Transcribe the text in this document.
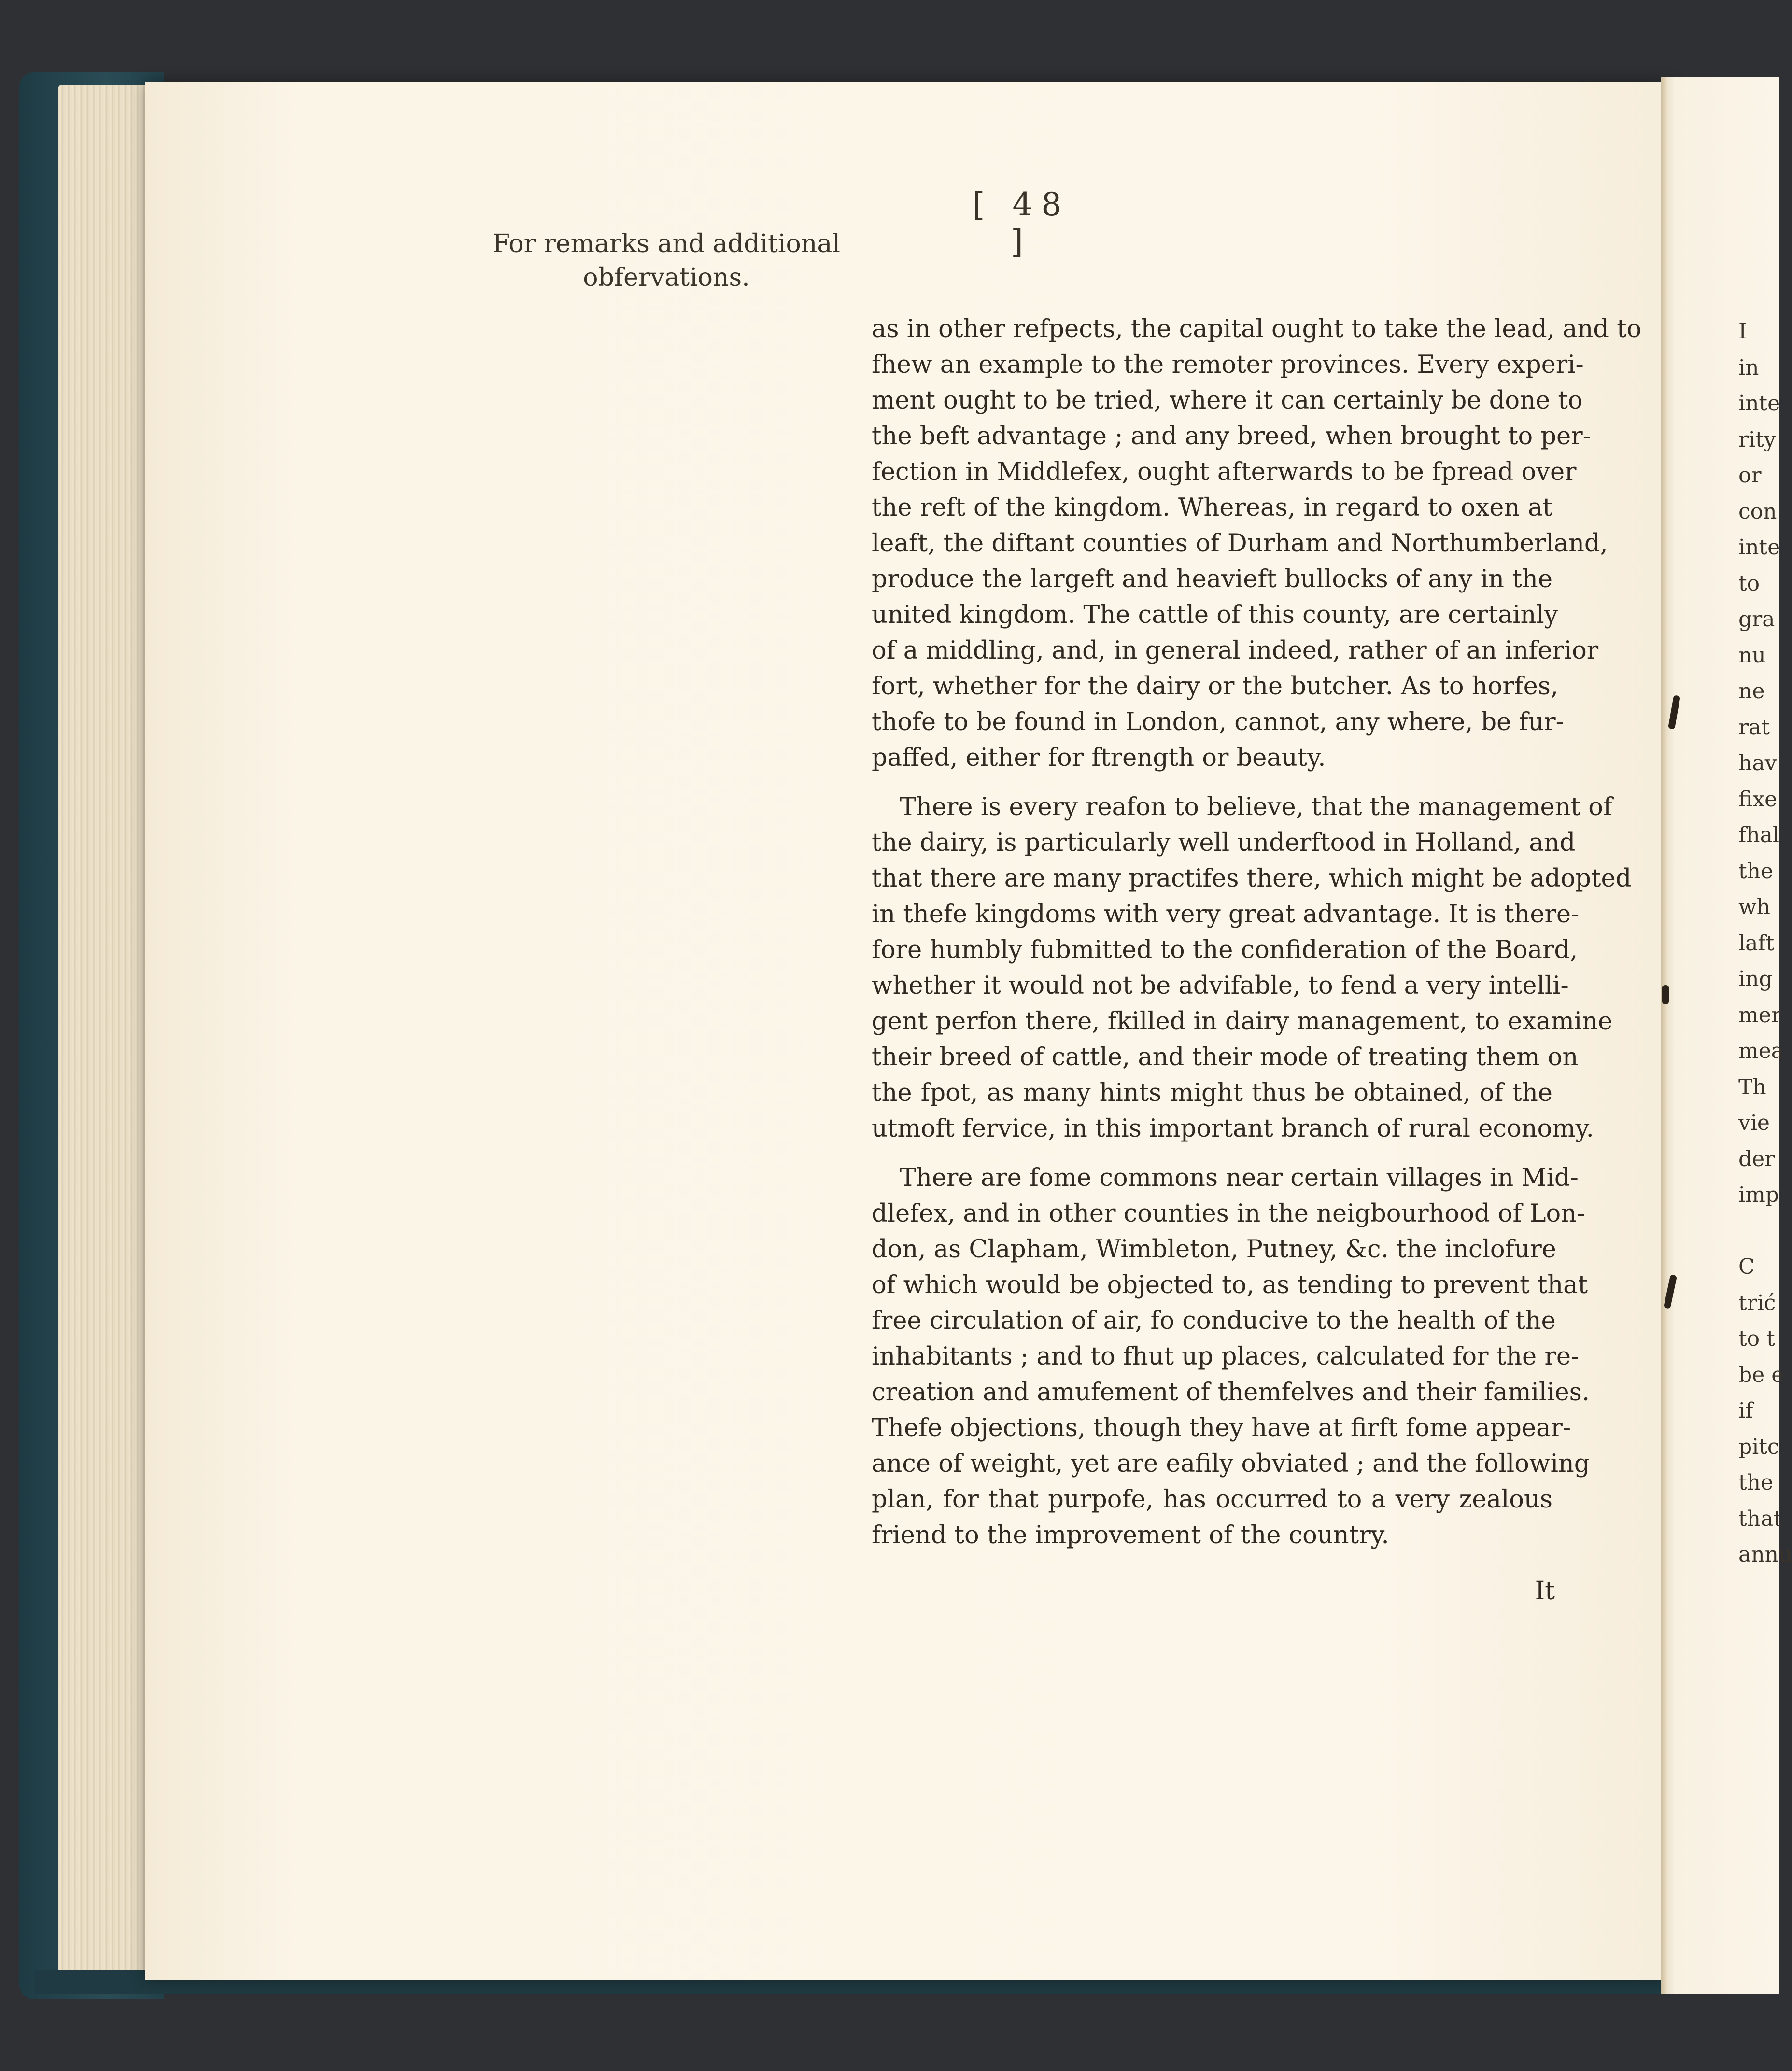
[ 48 ]
For remarks and additional obfervations.
as in other refpects, the capital ought to take the lead, and to
fhew an example to the remoter provinces. Every experi-
ment ought to be tried, where it can certainly be done to
the beft advantage ; and any breed, when brought to per-
fection in Middlefex, ought afterwards to be fpread over
the reft of the kingdom. Whereas, in regard to oxen at
leaft, the diftant counties of Durham and Northumberland,
produce the largeft and heavieft bullocks of any in the
united kingdom. The cattle of this county, are certainly
of a middling, and, in general indeed, rather of an inferior
fort, whether for the dairy or the butcher. As to horfes,
thofe to be found in London, cannot, any where, be fur-
paffed, either for ftrength or beauty.
There is every reafon to believe, that the management of
the dairy, is particularly well underftood in Holland, and
that there are many practifes there, which might be adopted
in thefe kingdoms with very great advantage. It is there-
fore humbly fubmitted to the confideration of the Board,
whether it would not be advifable, to fend a very intelli-
gent perfon there, fkilled in dairy management, to examine
their breed of cattle, and their mode of treating them on
the fpot, as many hints might thus be obtained, of the
utmoft fervice, in this important branch of rural economy.
There are fome commons near certain villages in Mid-
dlefex, and in other counties in the neigbourhood of Lon-
don, as Clapham, Wimbleton, Putney, &c. the inclofure
of which would be objected to, as tending to prevent that
free circulation of air, fo conducive to the health of the
inhabitants ; and to fhut up places, calculated for the re-
creation and amufement of themfelves and their families.
Thefe objections, though they have at firft fome appear-
ance of weight, yet are eafily obviated ; and the following
plan, for that purpofe, has occurred to a very zealous
friend to the improvement of the country.
It
I
in
inte
rity
or
con
inte
to
gra
nu
ne
rat
hav
fixe
fhal
the
wh
laft
ing
mer
mea
Th
vie
der
imp

C
trić
to t
be e
if
pitc
the
that
annu
